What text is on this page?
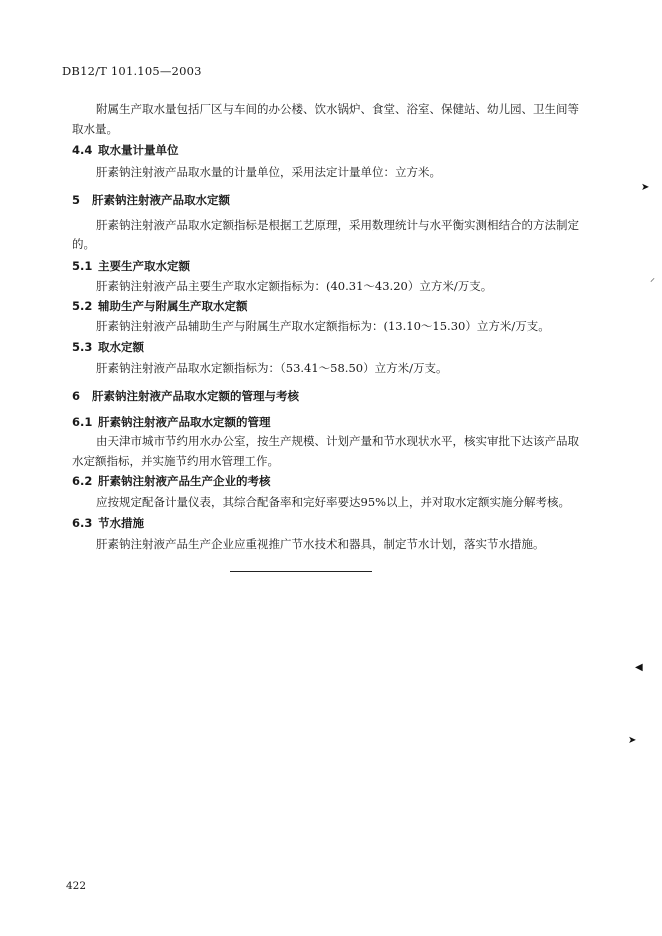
DB12/T 101.105—2003
附属生产取水量包括厂区与车间的办公楼、饮水锅炉、食堂、浴室、保健站、幼儿园、卫生间等
取水量。
4.4 取水量计量单位
肝素钠注射液产品取水量的计量单位，采用法定计量单位：立方米。
5 肝素钠注射液产品取水定额
肝素钠注射液产品取水定额指标是根据工艺原理，采用数理统计与水平衡实测相结合的方法制定
的。
5.1 主要生产取水定额
肝素钠注射液产品主要生产取水定额指标为：(40.31～43.20）立方米/万支。
5.2 辅助生产与附属生产取水定额
肝素钠注射液产品辅助生产与附属生产取水定额指标为：(13.10～15.30）立方米/万支。
5.3 取水定额
肝素钠注射液产品取水定额指标为：（53.41～58.50）立方米/万支。
6 肝素钠注射液产品取水定额的管理与考核
6.1 肝素钠注射液产品取水定额的管理
由天津市城市节约用水办公室，按生产规模、计划产量和节水现状水平，核实审批下达该产品取
水定额指标，并实施节约用水管理工作。
6.2 肝素钠注射液产品生产企业的考核
应按规定配备计量仪表，其综合配备率和完好率要达95%以上，并对取水定额实施分解考核。
6.3 节水措施
肝素钠注射液产品生产企业应重视推广节水技术和器具，制定节水计划，落实节水措施。
422
➤
⸝
◀
➤
